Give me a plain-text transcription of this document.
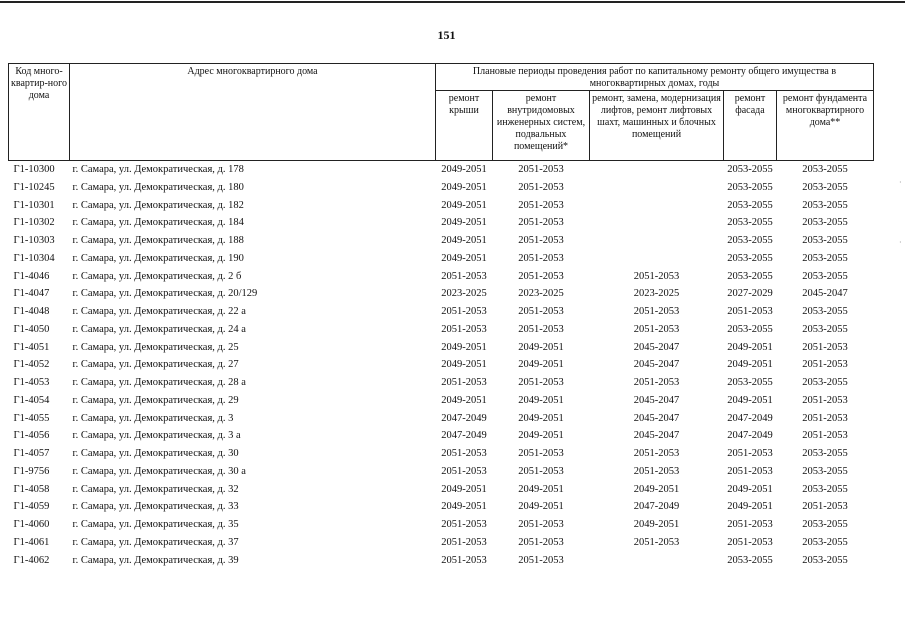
151
Код много-квартир-ного дома	Адрес многоквартирного дома	Плановые периоды проведения работ по капитальному ремонту общего имущества в многоквартирных домах, годы				
		ремонт крыши	ремонт внутридомовых инженерных систем, подвальных помещений*	ремонт, замена, модернизация лифтов, ремонт лифтовых шахт, машинных и блочных помещений	ремонт фасада	ремонт фундамента многоквартирного дома**
Г1-10300	г. Самара, ул. Демократическая, д. 178	2049-2051	2051-2053		2053-2055	2053-2055
Г1-10245	г. Самара, ул. Демократическая, д. 180	2049-2051	2051-2053		2053-2055	2053-2055
Г1-10301	г. Самара, ул. Демократическая, д. 182	2049-2051	2051-2053		2053-2055	2053-2055
Г1-10302	г. Самара, ул. Демократическая, д. 184	2049-2051	2051-2053		2053-2055	2053-2055
Г1-10303	г. Самара, ул. Демократическая, д. 188	2049-2051	2051-2053		2053-2055	2053-2055
Г1-10304	г. Самара, ул. Демократическая, д. 190	2049-2051	2051-2053		2053-2055	2053-2055
Г1-4046	г. Самара, ул. Демократическая, д. 2 б	2051-2053	2051-2053	2051-2053	2053-2055	2053-2055
Г1-4047	г. Самара, ул. Демократическая, д. 20/129	2023-2025	2023-2025	2023-2025	2027-2029	2045-2047
Г1-4048	г. Самара, ул. Демократическая, д. 22 а	2051-2053	2051-2053	2051-2053	2051-2053	2053-2055
Г1-4050	г. Самара, ул. Демократическая, д. 24 а	2051-2053	2051-2053	2051-2053	2053-2055	2053-2055
Г1-4051	г. Самара, ул. Демократическая, д. 25	2049-2051	2049-2051	2045-2047	2049-2051	2051-2053
Г1-4052	г. Самара, ул. Демократическая, д. 27	2049-2051	2049-2051	2045-2047	2049-2051	2051-2053
Г1-4053	г. Самара, ул. Демократическая, д. 28 а	2051-2053	2051-2053	2051-2053	2053-2055	2053-2055
Г1-4054	г. Самара, ул. Демократическая, д. 29	2049-2051	2049-2051	2045-2047	2049-2051	2051-2053
Г1-4055	г. Самара, ул. Демократическая, д. 3	2047-2049	2049-2051	2045-2047	2047-2049	2051-2053
Г1-4056	г. Самара, ул. Демократическая, д. 3 а	2047-2049	2049-2051	2045-2047	2047-2049	2051-2053
Г1-4057	г. Самара, ул. Демократическая, д. 30	2051-2053	2051-2053	2051-2053	2051-2053	2053-2055
Г1-9756	г. Самара, ул. Демократическая, д. 30 а	2051-2053	2051-2053	2051-2053	2051-2053	2053-2055
Г1-4058	г. Самара, ул. Демократическая, д. 32	2049-2051	2049-2051	2049-2051	2049-2051	2053-2055
Г1-4059	г. Самара, ул. Демократическая, д. 33	2049-2051	2049-2051	2047-2049	2049-2051	2051-2053
Г1-4060	г. Самара, ул. Демократическая, д. 35	2051-2053	2051-2053	2049-2051	2051-2053	2053-2055
Г1-4061	г. Самара, ул. Демократическая, д. 37	2051-2053	2051-2053	2051-2053	2051-2053	2053-2055
Г1-4062	г. Самара, ул. Демократическая, д. 39	2051-2053	2051-2053		2053-2055	2053-2055
·
·
